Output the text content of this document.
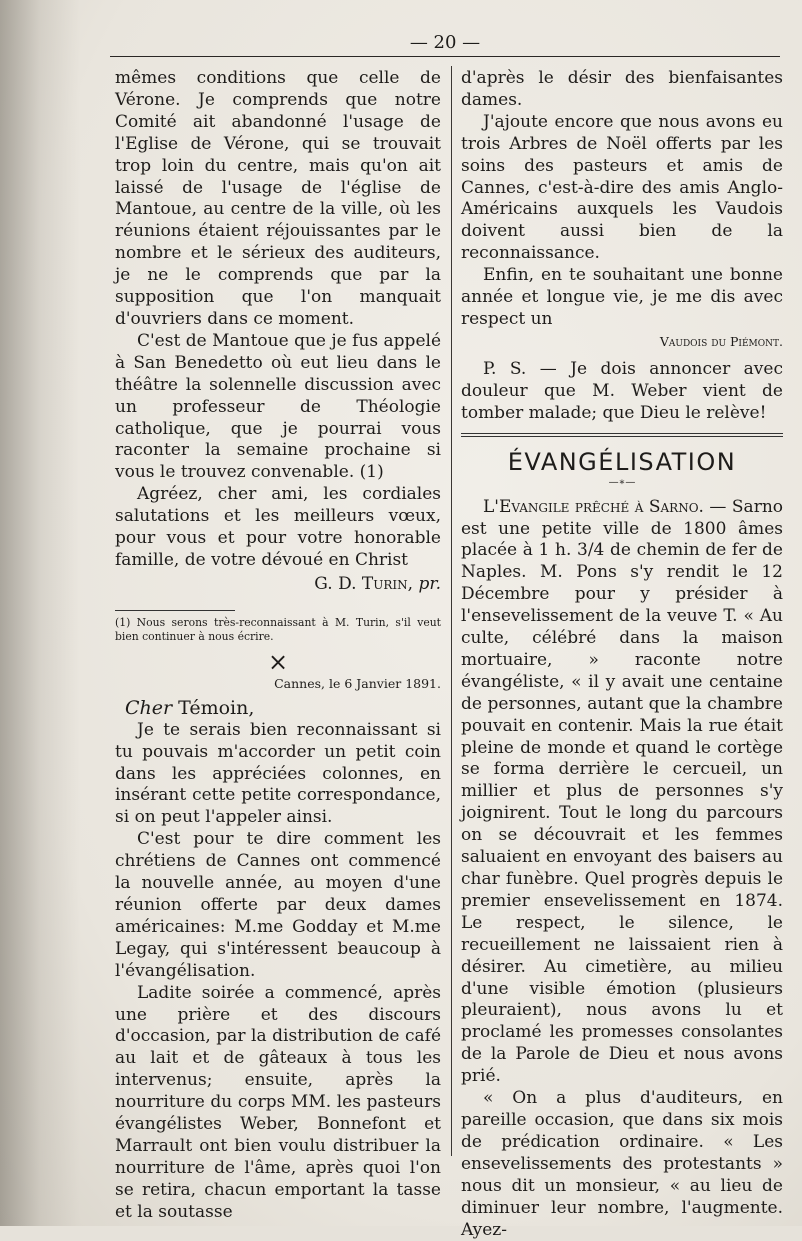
— 20 —

mêmes conditions que celle de Vérone. Je comprends que notre Comité ait abandonné l'usage de l'Eglise de Vérone, qui se trouvait trop loin du centre, mais qu'on ait laissé de l'usage de l'église de Mantoue, au centre de la ville, où les réunions étaient réjouissantes par le nombre et le sérieux des auditeurs, je ne le comprends que par la supposition que l'on manquait d'ouvriers dans ce moment.

C'est de Mantoue que je fus appelé à San Benedetto où eut lieu dans le théâtre la solennelle discussion avec un professeur de Théologie catholique, que je pourrai vous raconter la semaine prochaine si vous le trouvez convenable. (1)

Agréez, cher ami, les cordiales salutations et les meilleurs vœux, pour vous et pour votre honorable famille, de votre dévoué en Christ

G. D. Turin, pr.

(1) Nous serons très-reconnaissant à M. Turin, s'il veut bien continuer à nous écrire.

×

Cannes, le 6 Janvier 1891.

Cher Témoin,

Je te serais bien reconnaissant si tu pouvais m'accorder un petit coin dans les appréciées colonnes, en insérant cette petite correspondance, si on peut l'appeler ainsi.

C'est pour te dire comment les chrétiens de Cannes ont commencé la nouvelle année, au moyen d'une réunion offerte par deux dames américaines: M.me Godday et M.me Legay, qui s'intéressent beaucoup à l'évangélisation.

Ladite soirée a commencé, après une prière et des discours d'occasion, par la distribution de café au lait et de gâteaux à tous les intervenus; ensuite, après la nourriture du corps MM. les pasteurs évangélistes Weber, Bonnefont et Marrault ont bien voulu distribuer la nourriture de l'âme, après quoi l'on se retira, chacun emportant la tasse et la soutasse

d'après le désir des bienfaisantes dames.

J'ajoute encore que nous avons eu trois Arbres de Noël offerts par les soins des pasteurs et amis de Cannes, c'est-à-dire des amis Anglo-Américains auxquels les Vaudois doivent aussi bien de la reconnaissance.

Enfin, en te souhaitant une bonne année et longue vie, je me dis avec respect un

Vaudois du Piémont.

P. S. — Je dois annoncer avec douleur que M. Weber vient de tomber malade; que Dieu le relève!

ÉVANGÉLISATION

—∗—

L'Evangile prêché à Sarno. — Sarno est une petite ville de 1800 âmes placée à 1 h. 3/4 de chemin de fer de Naples. M. Pons s'y rendit le 12 Décembre pour y présider à l'ensevelissement de la veuve T. « Au culte, célébré dans la maison mortuaire, » raconte notre évangéliste, « il y avait une centaine de personnes, autant que la chambre pouvait en contenir. Mais la rue était pleine de monde et quand le cortège se forma derrière le cercueil, un millier et plus de personnes s'y joignirent. Tout le long du parcours on se découvrait et les femmes saluaient en envoyant des baisers au char funèbre. Quel progrès depuis le premier ensevelissement en 1874. Le respect, le silence, le recueillement ne laissaient rien à désirer. Au cimetière, au milieu d'une visible émotion (plusieurs pleuraient), nous avons lu et proclamé les promesses consolantes de la Parole de Dieu et nous avons prié.

« On a plus d'auditeurs, en pareille occasion, que dans six mois de prédication ordinaire. « Les ensevelissements des protestants » nous dit un monsieur, « au lieu de diminuer leur nombre, l'augmente. Ayez-
